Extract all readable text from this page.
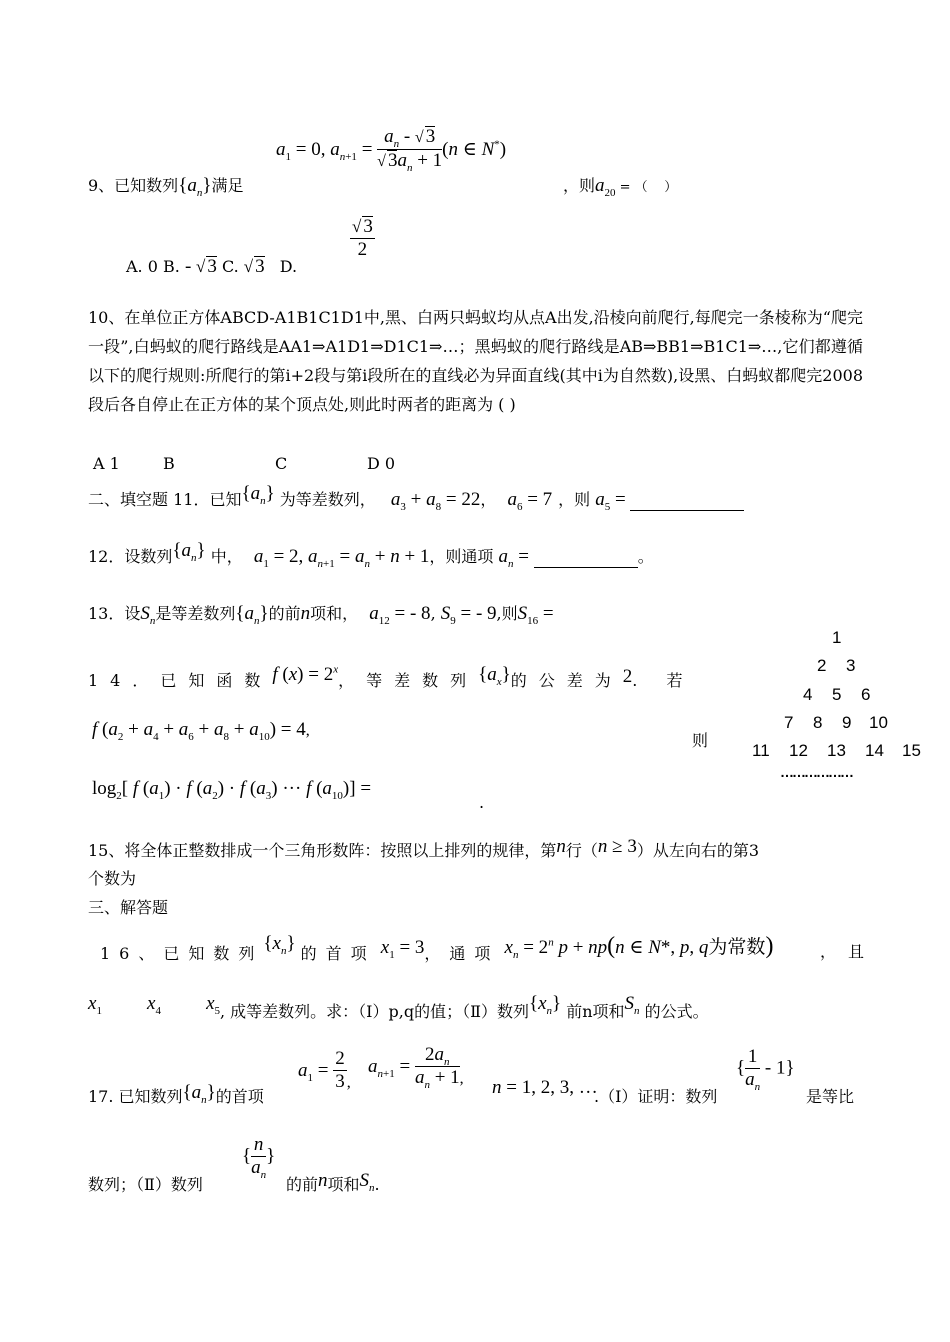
$a_1 = 0$, $a_{n+1} = \frac{a_n - √ 3}{√ 3a_n + 1} (n$ ∈ N*)
9、已知数列$\{a_n\}$满足	，则$a_{20}$ = （    ）
A. 0 B. - √ 3 C. √ 3 D.
$\frac{√ 3}{2}$
10、在单位正方体ABCD-A1B1C1D1中,黑、白两只蚂蚁均从点A出发,沿棱向前爬行,每爬完一条棱称为“爬完一段”,白蚂蚁的爬行路线是AA1⇒A1D1⇒D1C1⇒…；黑蚂蚁的爬行路线是AB⇒BB1⇒B1C1⇒…,它们都遵循以下的爬行规则:所爬行的第i+2段与第i段所在的直线必为异面直线(其中i为自然数),设黑、白蚂蚁都爬完2008段后各自停止在正方体的某个顶点处,则此时两者的距离为 ( )
A 1	B	C	D 0
二、填空题 11．已知$\{a_n\}$ 为等差数列， $a_3 + a_8 = 22$， $a_6 = 7$ ，则 $a_5$ =
12．设数列$\{a_n\}$ 中， $a_1 = 2$, $a_{n+1} = a_n + n + 1$，则通项 $a_n$ =	。
13．设$S_n$是等差数列$\{a_n\}$的前n项和， $a_{12}$ = - 8, $S_9$ = - 9,则$S_{16}$ =
14．已知函数f $(x) = 2^x$，等差数列$\{a_x\}$的公差为2. 若
f $(a_2 + a_4 + a_6 + a_8 + a_{10}) = 4$,
则
$\log_2$[ f $(a_1) \cdot f$ $(a_2) \cdot f$ $(a_3)$ ··· f $(a_{10})$] =
.
1
2 3
4 5 6
7 8 9 10
11 12 13 14 15
………………
15、将全体正整数排成一个三角形数阵：按照以上排列的规律，第n行（n ≥ 3）从左向右的第3
个数为
三、解答题
16、已知数列$\{x_n\}$ 的首项 $x_1 = 3$，通项 $x_n = 2^n$ p + np(n ∈ N*, p, q为常数)	，且
$x_1$ $x_4$ $x_5$, 成等差数列。求：（Ⅰ）p,q的值；（Ⅱ）数列$\{x_n\}$ 前n项和$S_n$ 的公式。
17. 已知数列$\{a_n\}$的首项
$a_1 = \frac{2}{3}$ ,
$a_{n+1} = \frac{2a_n}{a_n + 1}$ , n = 1, 2, 3, …
.（Ⅰ）证明：数列
{ $\frac{1}{a_n} - 1$}
是等比
数列；（Ⅱ）数列
{ $\frac{n}{a_n}$ }
的前n项和$S_n$.
